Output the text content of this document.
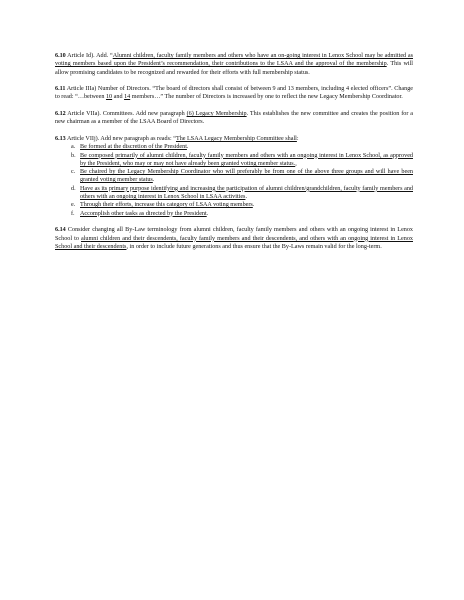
6.10 Article Id). Add. “Alumni children, faculty family members and others who have an on-going interest in Lenox School may be admitted as voting members based upon the President’s recommendation, their contributions to the LSAA and the approval of the membership. This will allow promising candidates to be recognized and rewarded for their efforts with full membership status.

6.11 Article IIIa) Number of Directors. “The board of directors shall consist of between 9 and 13 members, including 4 elected officers”. Change to read: “…between 10 and 14 members…” The number of Directors is increased by one to reflect the new Legacy Membership Coordinator.

6.12 Article VIIa). Committees. Add new paragraph (6) Legacy Membership. This establishes the new committee and creates the position for a new chairman as a member of the LSAA Board of Directors.

6.13 Article VIIj). Add new paragraph as reads: “The LSAA Legacy Membership Committee shall:

a. Be formed at the discretion of the President.
b. Be composed primarily of alumni children, faculty family members and others with an ongoing interest in Lenox School, as approved by the President, who may or may not have already been granted voting member status.,
c. Be chaired by the Legacy Membership Coordinator who will preferably be from one of the above three groups and will have been granted voting member status.
d. Have as its primary purpose identifying and increasing the participation of alumni children/grandchildren, faculty family members and others with an ongoing interest in Lenox School in LSAA activities.
e. Through their efforts, increase this category of LSAA voting members.
f. Accomplish other tasks as directed by the President.

6.14 Consider changing all By-Law terminology from alumni children, faculty family members and others with an ongoing interest in Lenox School to alumni children and their descendents, faculty family members and their descendents, and others with an ongoing interest in Lenox School and their descendents, in order to include future generations and thus ensure that the By-Laws remain valid for the long-term.
